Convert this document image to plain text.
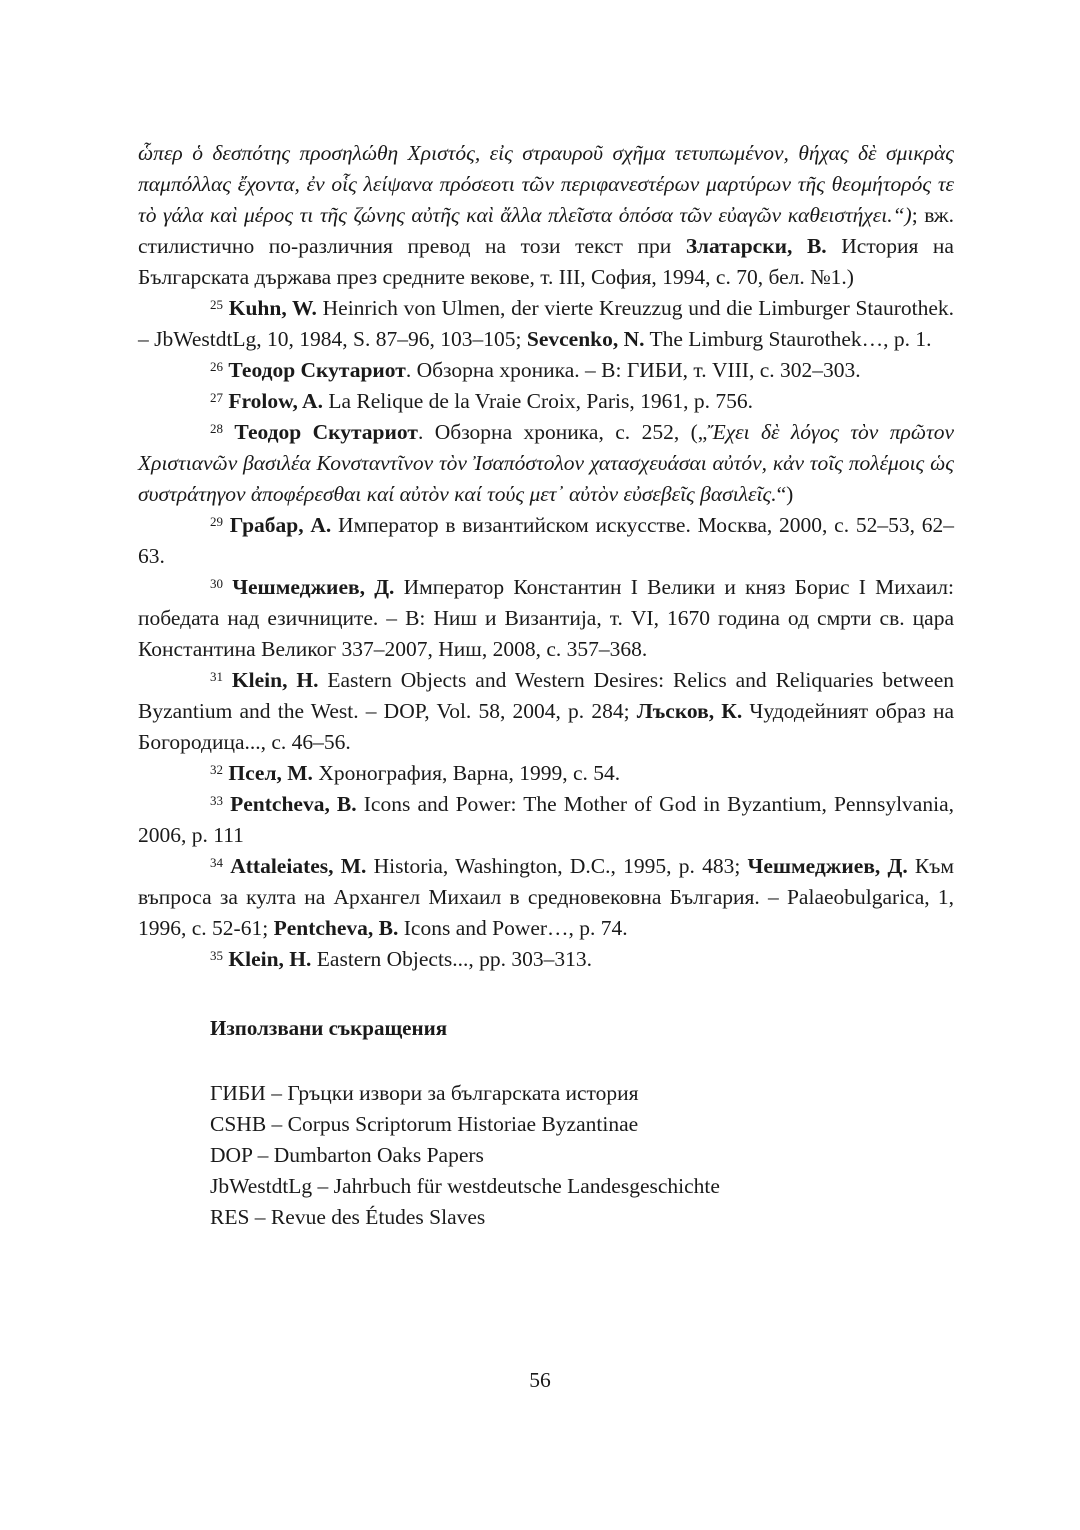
ὧπερ ὁ δεσπότης προσηλώθη Χριστός, εἰς στραυροῦ σχῆμα τετυπωμένον, θήχας δὲ σμικρὰς παμπόλλας ἔχοντα, ἐν οἷς λείψανα πρόσεοτι τῶν περιφανεστέρων μαρτύρων τῆς θεομήτορός τε τὸ γάλα καὶ μέρος τι τῆς ζώνης αὐτῆς καὶ ἄλλα πλεῖστα ὁπόσα τῶν εὐαγῶν καθειστήχει.“); вж. стилистично по-различния превод на този текст при Златарски, В. История на Българската държава през средните векове, т. III, София, 1994, с. 70, бел. №1.)

$^{25}$ Kuhn, W. Heinrich von Ulmen, der vierte Kreuzzug und die Limburger Staurothek. – JbWestdtLg, 10, 1984, S. 87–96, 103–105; Sevcenko, N. The Limburg Staurothek…, p. 1.

$^{26}$ Теодор Скутариот. Обзорна хроника. – В: ГИБИ, т. VIII, с. 302–303.

$^{27}$ Frolow, A. La Relique de la Vraie Croix, Paris, 1961, p. 756.

$^{28}$ Теодор Скутариот. Обзорна хроника, с. 252, („Ἔχει δὲ λόγος τὸν πρῶτον Χριστιανῶν βασιλέα Κονσταντῖνον τὸν Ἰσαπόστολον χατασχευάσαι αὐτόν, κἀν τοῖς πολέμοις ὡς συστράτηγον ἀποφέρεσθαι καί αὐτὸν καί τούς μετ᾽ αὐτὸν εὐσεβεῖς βασιλεῖς.“)

$^{29}$ Грабар, А. Император в византийском искусстве. Москва, 2000, с. 52–53, 62–63.

$^{30}$ Чешмеджиев, Д. Император Константин I Велики и княз Борис I Михаил: победата над езичниците. – В: Ниш и Византија, т. VI, 1670 година од смрти св. цара Константина Великог 337–2007, Ниш, 2008, с. 357–368.

$^{31}$ Klein, H. Eastern Objects and Western Desires: Relics and Reliquaries between Byzantium and the West. – DOP, Vol. 58, 2004, p. 284; Лъсков, К. Чудодейният образ на Богородица..., с. 46–56.

$^{32}$ Псел, М. Хронография, Варна, 1999, с. 54.

$^{33}$ Pentcheva, B. Icons and Power: The Mother of God in Byzantium, Pennsylvania, 2006, p. 111

$^{34}$ Attaleiates, M. Historia, Washington, D.C., 1995, p. 483; Чешмеджиев, Д. Към въпроса за култа на Архангел Михаил в средновековна България. – Palaeobulgarica, 1, 1996, с. 52-61; Pentcheva, B. Icons and Power…, p. 74.

$^{35}$ Klein, H. Eastern Objects..., pp. 303–313.

Използвани съкращения

ГИБИ – Гръцки извори за българската история
CSHB – Corpus Scriptorum Historiae Byzantinae
DOP – Dumbarton Oaks Papers
JbWestdtLg – Jahrbuch für westdeutsche Landesgeschichte
RES – Revue des Études Slaves
56
